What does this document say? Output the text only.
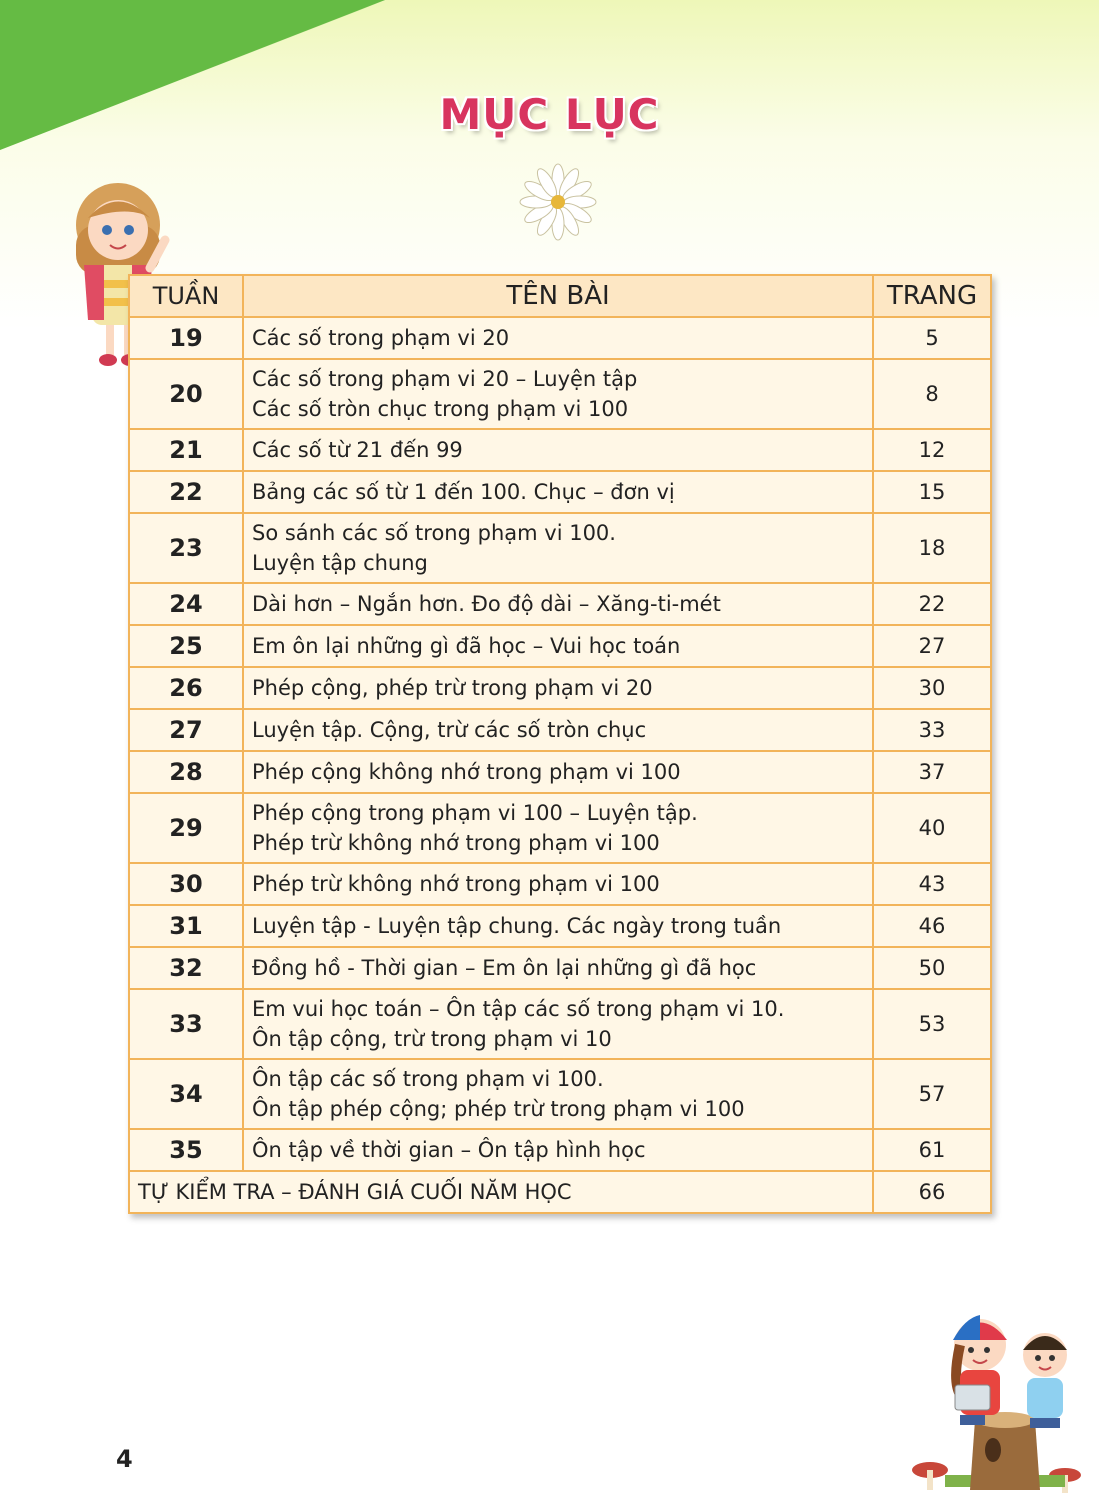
MỤC LỤC
TUẦN	TÊN BÀI	TRANG
19	Các số trong phạm vi 20	5
20	Các số trong phạm vi 20 – Luyện tập
Các số tròn chục trong phạm vi 100	8
21	Các số từ 21 đến 99	12
22	Bảng các số từ 1 đến 100. Chục – đơn vị	15
23	So sánh các số trong phạm vi 100.
Luyện tập chung	18
24	Dài hơn – Ngắn hơn. Đo độ dài – Xăng-ti-mét	22
25	Em ôn lại những gì đã học – Vui học toán	27
26	Phép cộng, phép trừ trong phạm vi 20	30
27	Luyện tập. Cộng, trừ các số tròn chục	33
28	Phép cộng không nhớ trong phạm vi 100	37
29	Phép cộng trong phạm vi 100 – Luyện tập.
Phép trừ không nhớ trong phạm vi 100	40
30	Phép trừ không nhớ trong phạm vi 100	43
31	Luyện tập - Luyện tập chung. Các ngày trong tuần	46
32	Đồng hồ - Thời gian – Em ôn lại những gì đã học	50
33	Em vui học toán – Ôn tập các số trong phạm vi 10.
Ôn tập cộng, trừ trong phạm vi 10	53
34	Ôn tập các số trong phạm vi 100.
Ôn tập phép cộng; phép trừ trong phạm vi 100	57
35	Ôn tập về thời gian – Ôn tập hình học	61
TỰ KIỂM TRA – ĐÁNH GIÁ CUỐI NĂM HỌC		66
4
